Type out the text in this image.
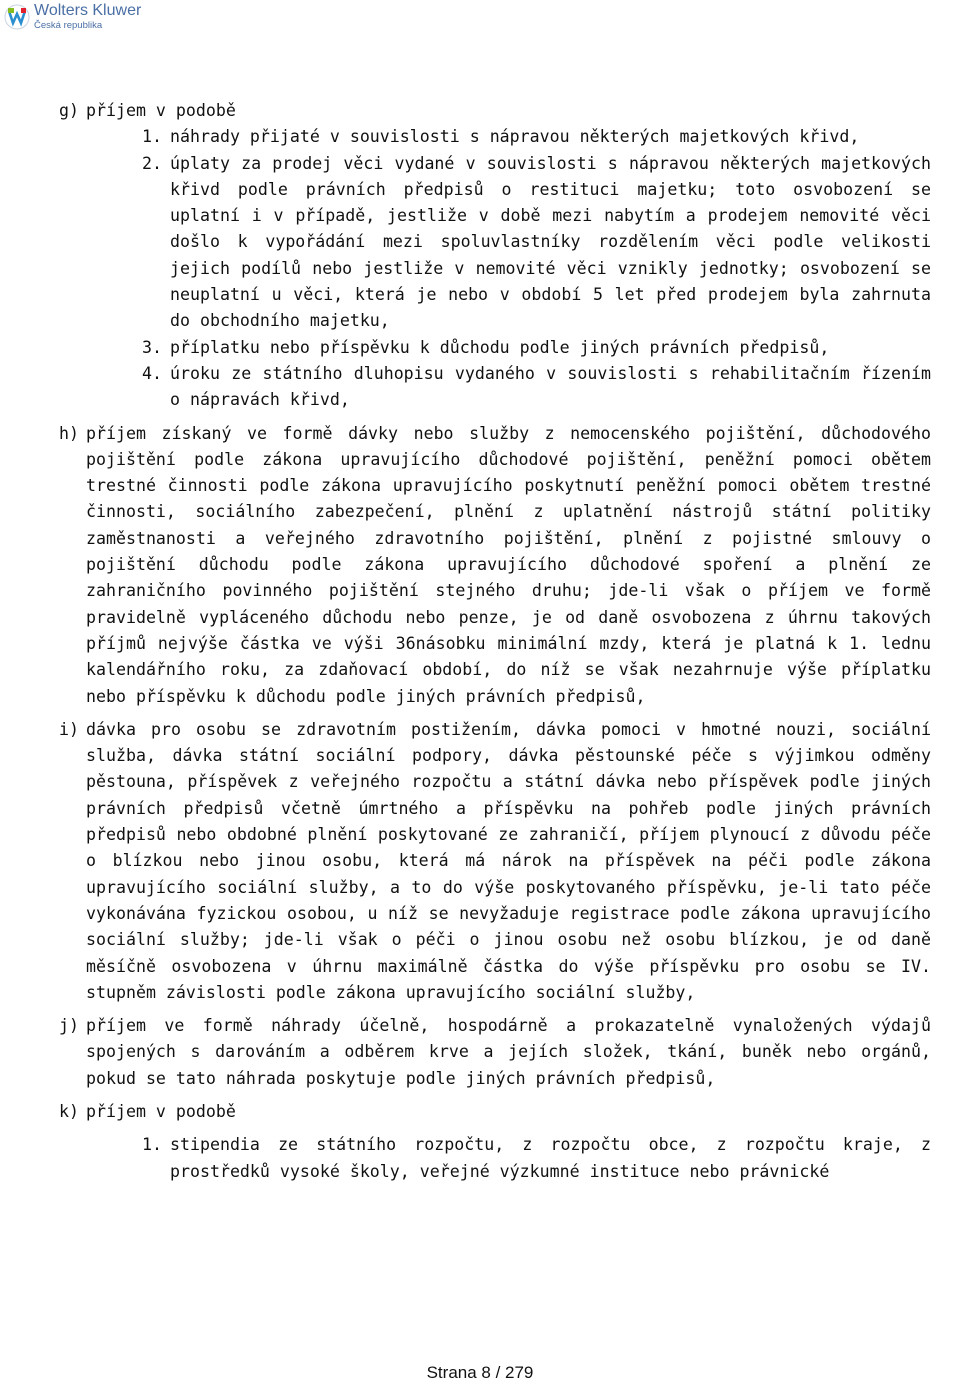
Wolters Kluwer
Česká republika
g) příjem v podobě
1. náhrady přijaté v souvislosti s nápravou některých majetkových křivd,
2. úplaty za prodej věci vydané v souvislosti s nápravou některých majetkových křivd podle právních předpisů o restituci majetku; toto osvobození se uplatní i v případě, jestliže v době mezi nabytím a prodejem nemovité věci došlo k vypořádání mezi spoluvlastníky rozdělením věci podle velikosti jejich podílů nebo jestliže v nemovité věci vznikly jednotky; osvobození se neuplatní u věci, která je nebo v období 5 let před prodejem byla zahrnuta do obchodního majetku,
3. příplatku nebo příspěvku k důchodu podle jiných právních předpisů,
4. úroku ze státního dluhopisu vydaného v souvislosti s rehabilitačním řízením o nápravách křivd,
h) příjem získaný ve formě dávky nebo služby z nemocenského pojištění, důchodového pojištění podle zákona upravujícího důchodové pojištění, peněžní pomoci obětem trestné činnosti podle zákona upravujícího poskytnutí peněžní pomoci obětem trestné činnosti, sociálního zabezpečení, plnění z uplatnění nástrojů státní politiky zaměstnanosti a veřejného zdravotního pojištění, plnění z pojistné smlouvy o pojištění důchodu podle zákona upravujícího důchodové spoření a plnění ze zahraničního povinného pojištění stejného druhu; jde-li však o příjem ve formě pravidelně vypláceného důchodu nebo penze, je od daně osvobozena z úhrnu takových příjmů nejvýše částka ve výši 36násobku minimální mzdy, která je platná k 1. lednu kalendářního roku, za zdaňovací období, do níž se však nezahrnuje výše příplatku nebo příspěvku k důchodu podle jiných právních předpisů,
i) dávka pro osobu se zdravotním postižením, dávka pomoci v hmotné nouzi, sociální služba, dávka státní sociální podpory, dávka pěstounské péče s výjimkou odměny pěstouna, příspěvek z veřejného rozpočtu a státní dávka nebo příspěvek podle jiných právních předpisů včetně úmrtného a příspěvku na pohřeb podle jiných právních předpisů nebo obdobné plnění poskytované ze zahraničí, příjem plynoucí z důvodu péče o blízkou nebo jinou osobu, která má nárok na příspěvek na péči podle zákona upravujícího sociální služby, a to do výše poskytovaného příspěvku, je-li tato péče vykonávána fyzickou osobou, u níž se nevyžaduje registrace podle zákona upravujícího sociální služby; jde-li však o péči o jinou osobu než osobu blízkou, je od daně měsíčně osvobozena v úhrnu maximálně částka do výše příspěvku pro osobu se IV. stupněm závislosti podle zákona upravujícího sociální služby,
j) příjem ve formě náhrady účelně, hospodárně a prokazatelně vynaložených výdajů spojených s darováním a odběrem krve a jejích složek, tkání, buněk nebo orgánů, pokud se tato náhrada poskytuje podle jiných právních předpisů,
k) příjem v podobě
1. stipendia ze státního rozpočtu, z rozpočtu obce, z rozpočtu kraje, z prostředků vysoké školy, veřejné výzkumné instituce nebo právnické
Strana 8 / 279
